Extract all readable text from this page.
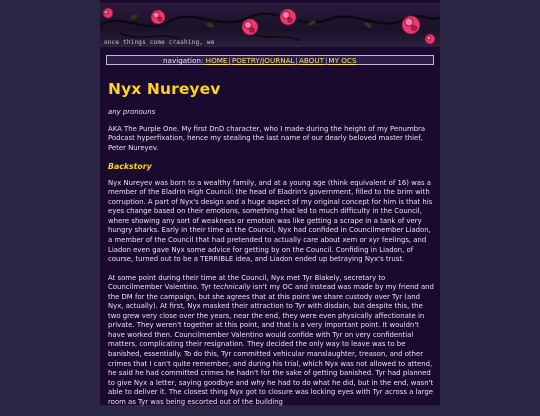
once things come crashing, we
navigation: HOME|POETRY/JOURNAL|ABOUT|MY OCS
Nyx Nureyev

any pronouns

AKA The Purple One. My first DnD character, who I made during the height of my Penumbra Podcast hyperfixation, hence my stealing the last name of our dearly beloved master thief, Peter Nureyev.

Backstory

Nyx Nureyev was born to a wealthy family, and at a young age (think equivalent of 16) was a member of the Eladrin High Council: the head of Eladrin's government, filled to the brim with corruption. A part of Nyx's design and a huge aspect of my original concept for him is that his eyes change based on their emotions, something that led to much difficulty in the Council, where showing any sort of weakness or emotion was like getting a scrape in a tank of very hungry sharks. Early in their time at the Council, Nyx had confided in Councilmember Liadon, a member of the Council that had pretended to actually care about xem or xyr feelings, and Liadon even gave Nyx some advice for getting by on the Council. Confiding in Liadon, of course, turned out to be a TERRIBLE idea, and Liadon ended up betraying Nyx's trust.

At some point during their time at the Council, Nyx met Tyr Blakely, secretary to Councilmember Valentino. Tyr technically isn't my OC and instead was made by my friend and the DM for the campaign, but she agrees that at this point we share custody over Tyr (and Nyx, actually). At first, Nyx masked their attraction to Tyr with disdain, but despite this, the two grew very close over the years, near the end, they were even physically affectionate in private. They weren't together at this point, and that is a very important point. It wouldn't have worked then. Councilmember Valentino would confide with Tyr on very confidential matters, complicating their resignation. They decided the only way to leave was to be banished, essentially. To do this, Tyr committed vehicular manslaughter, treason, and other crimes that I can't quite remember, and during his trial, which Nyx was not allowed to attend, he said he had committed crimes he hadn't for the sake of getting banished. Tyr had planned to give Nyx a letter, saying goodbye and why he had to do what he did, but in the end, wasn't able to deliver it. The closest thing Nyx got to closure was locking eyes with Tyr across a large room as Tyr was being escorted out of the building
